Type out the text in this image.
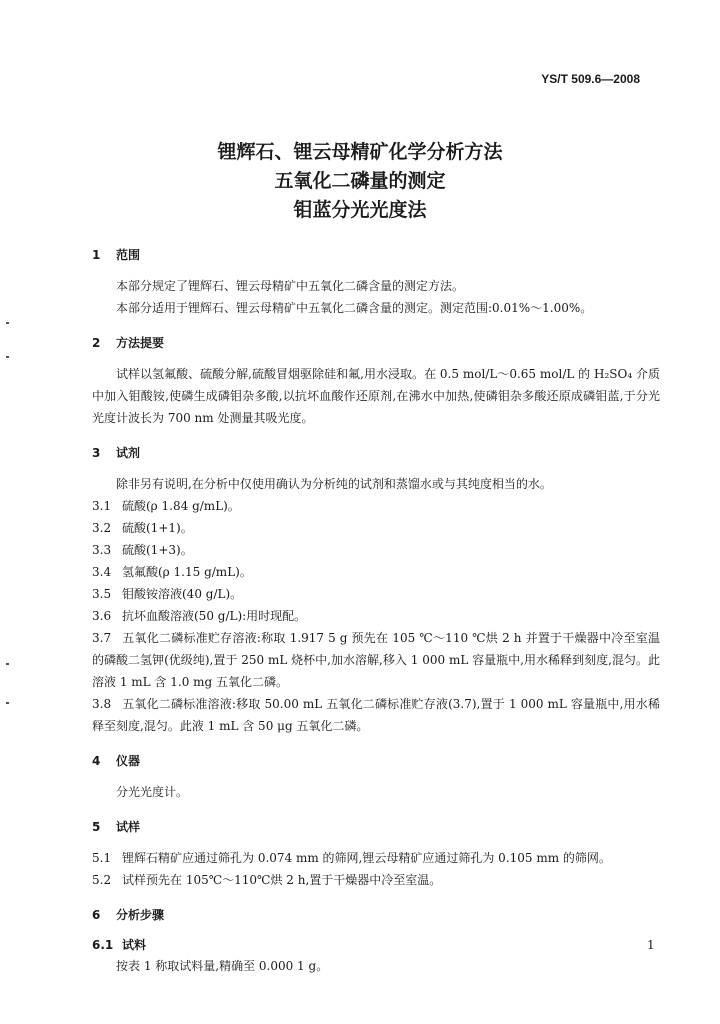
YS/T 509.6—2008
锂辉石、锂云母精矿化学分析方法
五氧化二磷量的测定
钼蓝分光光度法
1 范围
本部分规定了锂辉石、锂云母精矿中五氧化二磷含量的测定方法。
本部分适用于锂辉石、锂云母精矿中五氧化二磷含量的测定。测定范围:0.01%～1.00%。
2 方法提要
试样以氢氟酸、硫酸分解,硫酸冒烟驱除硅和氟,用水浸取。在 0.5 mol/L～0.65 mol/L 的 H₂SO₄ 介质中加入钼酸铵,使磷生成磷钼杂多酸,以抗坏血酸作还原剂,在沸水中加热,使磷钼杂多酸还原成磷钼蓝,于分光光度计波长为 700 nm 处测量其吸光度。
3 试剂
除非另有说明,在分析中仅使用确认为分析纯的试剂和蒸馏水或与其纯度相当的水。
3.1 硫酸(ρ 1.84 g/mL)。
3.2 硫酸(1+1)。
3.3 硫酸(1+3)。
3.4 氢氟酸(ρ 1.15 g/mL)。
3.5 钼酸铵溶液(40 g/L)。
3.6 抗坏血酸溶液(50 g/L):用时现配。
3.7 五氧化二磷标准贮存溶液:称取 1.917 5 g 预先在 105 ℃～110 ℃烘 2 h 并置于干燥器中冷至室温的磷酸二氢钾(优级纯),置于 250 mL 烧杯中,加水溶解,移入 1 000 mL 容量瓶中,用水稀释到刻度,混匀。此溶液 1 mL 含 1.0 mg 五氧化二磷。
3.8 五氧化二磷标准溶液:移取 50.00 mL 五氧化二磷标准贮存液(3.7),置于 1 000 mL 容量瓶中,用水稀释至刻度,混匀。此液 1 mL 含 50 μg 五氧化二磷。
4 仪器
分光光度计。
5 试样
5.1 锂辉石精矿应通过筛孔为 0.074 mm 的筛网,锂云母精矿应通过筛孔为 0.105 mm 的筛网。
5.2 试样预先在 105℃～110℃烘 2 h,置于干燥器中冷至室温。
6 分析步骤
6.1 试料
按表 1 称取试料量,精确至 0.000 1 g。
1
